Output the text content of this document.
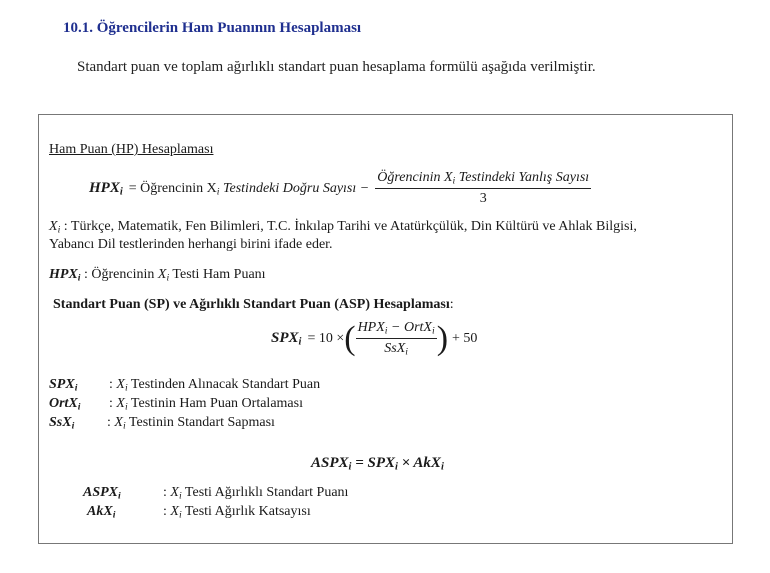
10.1. Öğrencilerin Ham Puanının Hesaplaması
Standart puan ve toplam ağırlıklı standart puan hesaplama formülü aşağıda verilmiştir.
Ham Puan (HP) Hesaplaması
$HPX_i$ = Öğrencinin $X_i$ Testindeki Doğru Sayısı − $\frac{Öğrencinin X_i Testindeki Yanlış Sayısı}{3}$
$X_i$ : Türkçe, Matematik, Fen Bilimleri, T.C. İnkılap Tarihi ve Atatürkçülük, Din Kültürü ve Ahlak Bilgisi,
Yabancı Dil testlerinden herhangi birini ifade eder.
$HPX_i$ : Öğrencinin $X_i$ Testi Ham Puanı
Standart Puan (SP) ve Ağırlıklı Standart Puan (ASP) Hesaplaması:
$SPX_i = 10$ × ( $\frac{HPX_i - OrtX_i}{SsX_i}$ ) + 50
$SPX_i$ : $X_i$ Testinden Alınacak Standart Puan
OrtX$_i$ : $X_i$ Testinin Ham Puan Ortalaması
SsX$_i$ : $X_i$ Testinin Standart Sapması
$ASPX_i = SPX_i \times AkX_i$
$ASPX_i$	: $X_i$ Testi Ağırlıklı Standart Puanı
AkX$_i$	: $X_i$ Testi Ağırlık Katsayısı
